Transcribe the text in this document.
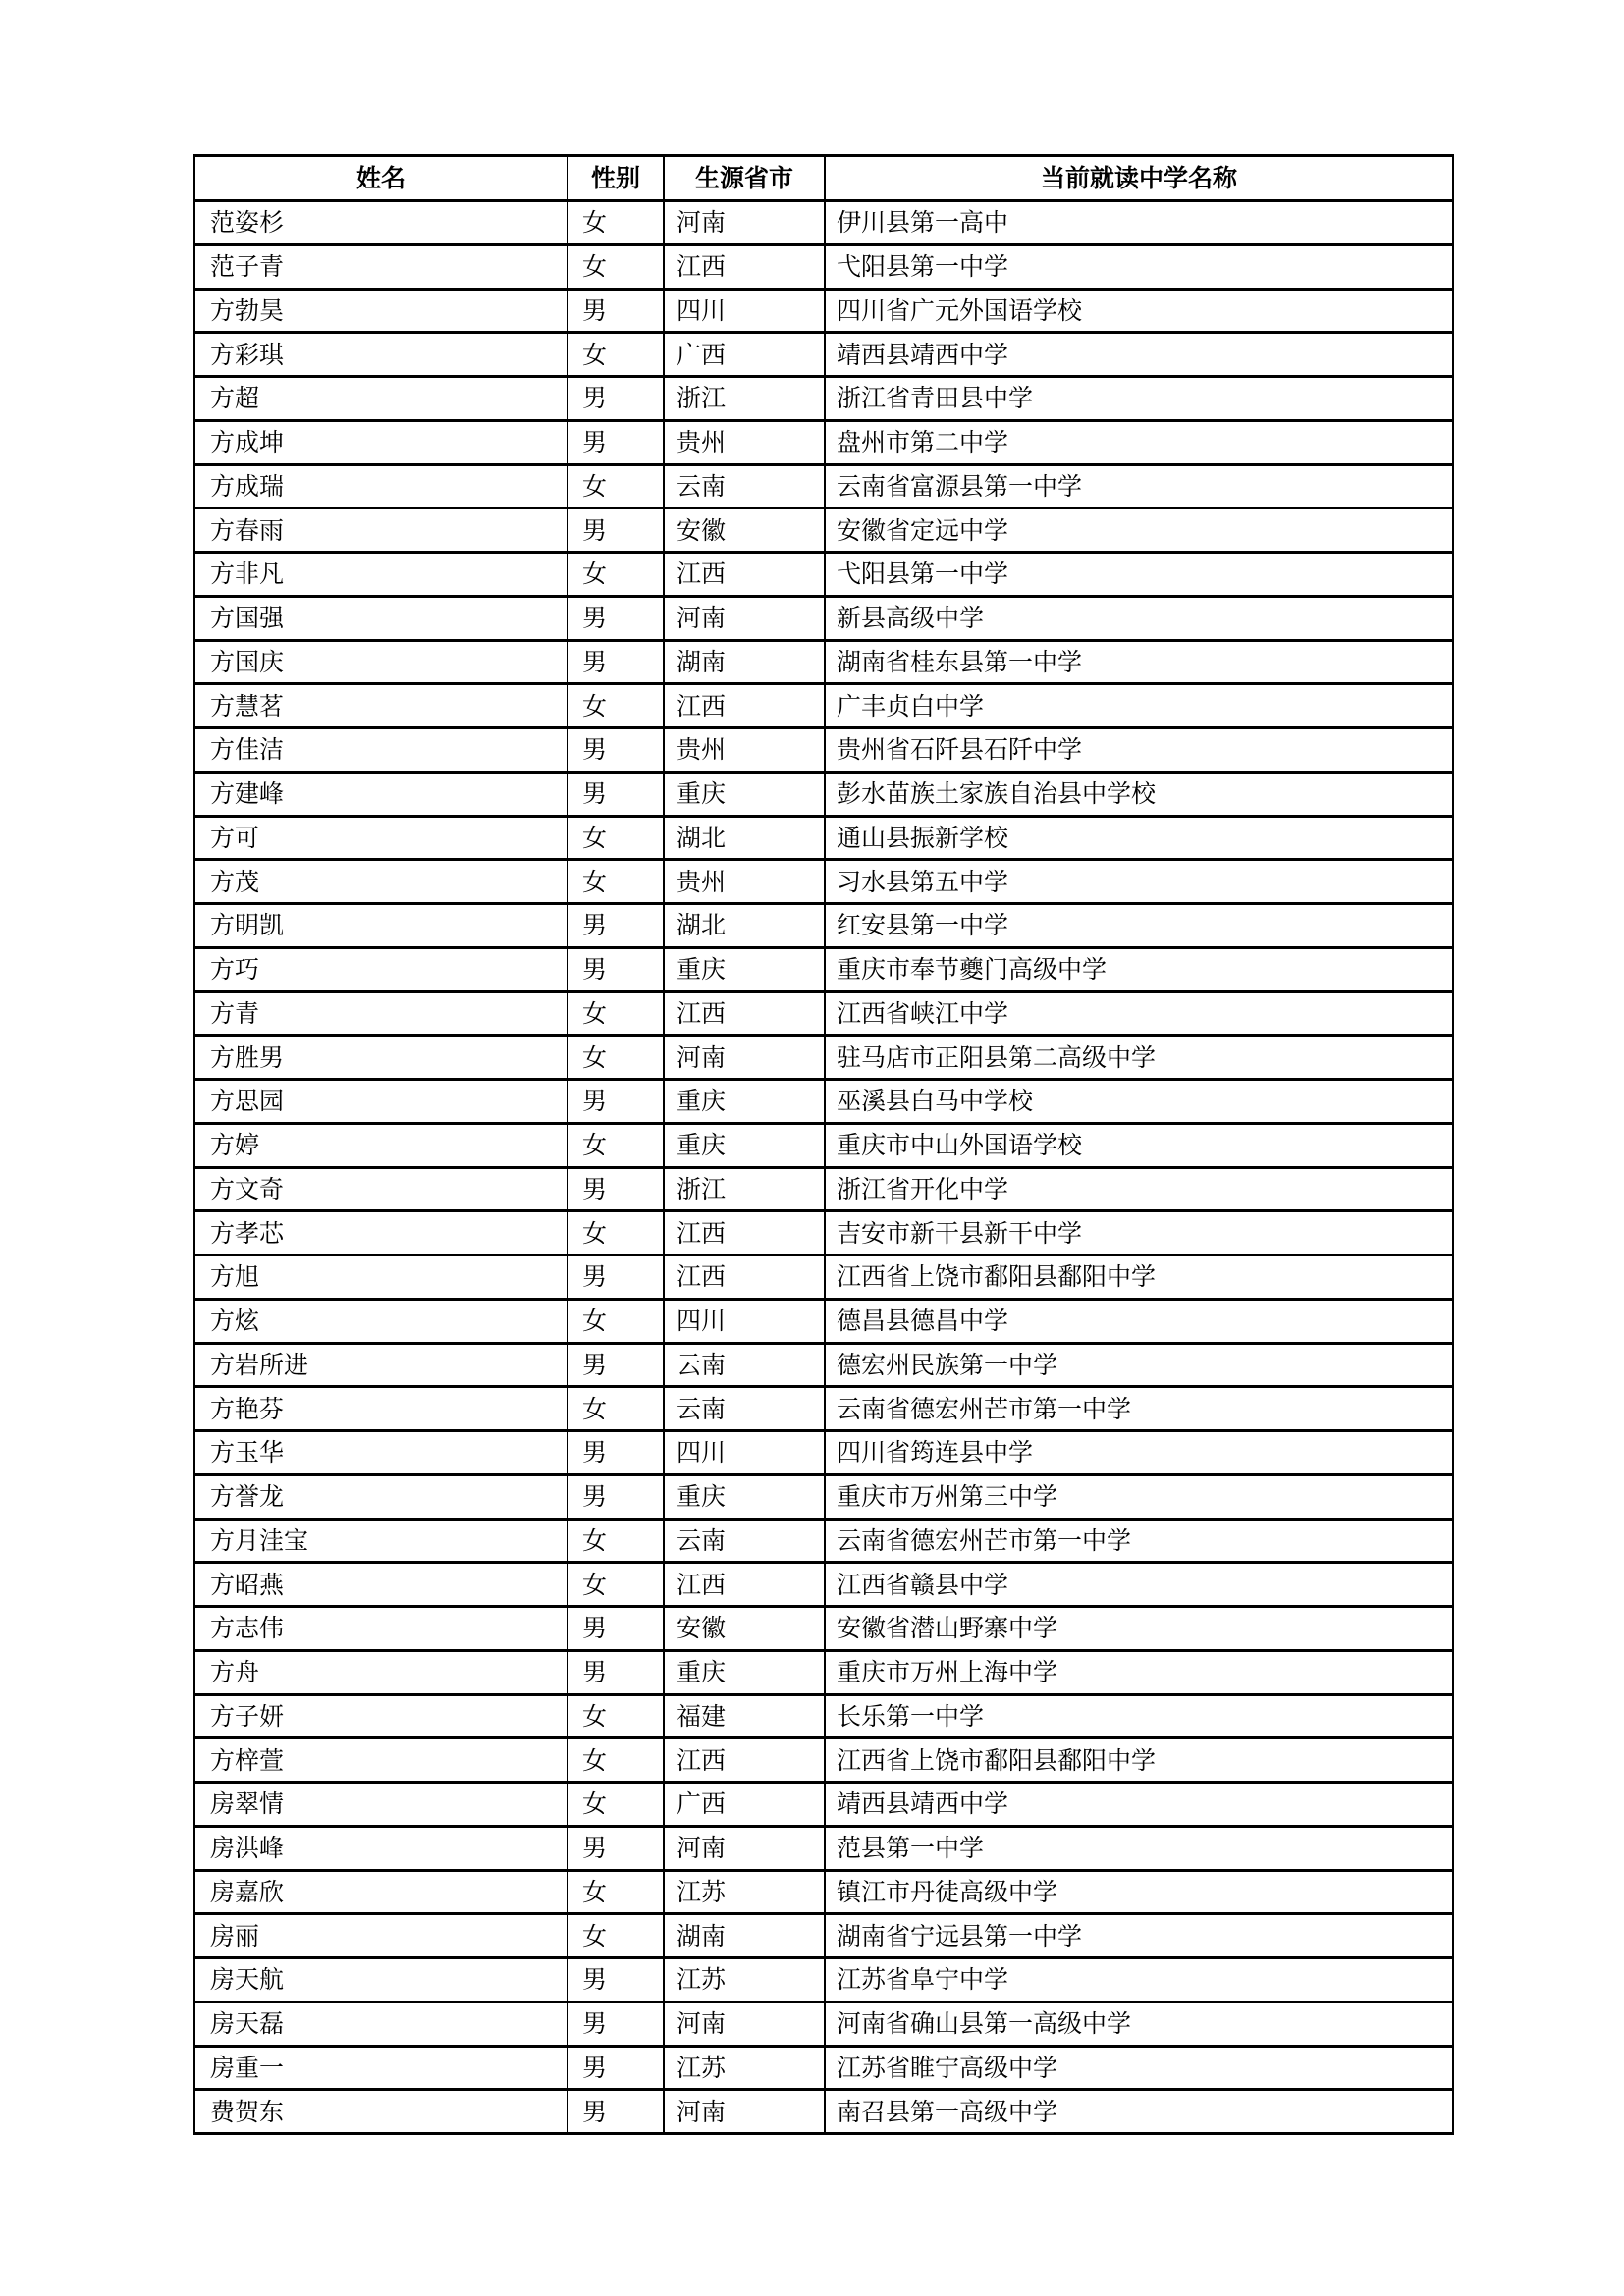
姓名	性别	生源省市	当前就读中学名称
范姿杉	女	河南	伊川县第一高中
范子青	女	江西	弋阳县第一中学
方勃昊	男	四川	四川省广元外国语学校
方彩琪	女	广西	靖西县靖西中学
方超	男	浙江	浙江省青田县中学
方成坤	男	贵州	盘州市第二中学
方成瑞	女	云南	云南省富源县第一中学
方春雨	男	安徽	安徽省定远中学
方非凡	女	江西	弋阳县第一中学
方国强	男	河南	新县高级中学
方国庆	男	湖南	湖南省桂东县第一中学
方慧茗	女	江西	广丰贞白中学
方佳洁	男	贵州	贵州省石阡县石阡中学
方建峰	男	重庆	彭水苗族土家族自治县中学校
方可	女	湖北	通山县振新学校
方茂	女	贵州	习水县第五中学
方明凯	男	湖北	红安县第一中学
方巧	男	重庆	重庆市奉节夔门高级中学
方青	女	江西	江西省峡江中学
方胜男	女	河南	驻马店市正阳县第二高级中学
方思园	男	重庆	巫溪县白马中学校
方婷	女	重庆	重庆市中山外国语学校
方文奇	男	浙江	浙江省开化中学
方孝芯	女	江西	吉安市新干县新干中学
方旭	男	江西	江西省上饶市鄱阳县鄱阳中学
方炫	女	四川	德昌县德昌中学
方岩所进	男	云南	德宏州民族第一中学
方艳芬	女	云南	云南省德宏州芒市第一中学
方玉华	男	四川	四川省筠连县中学
方誉龙	男	重庆	重庆市万州第三中学
方月洼宝	女	云南	云南省德宏州芒市第一中学
方昭燕	女	江西	江西省赣县中学
方志伟	男	安徽	安徽省潜山野寨中学
方舟	男	重庆	重庆市万州上海中学
方子妍	女	福建	长乐第一中学
方梓萱	女	江西	江西省上饶市鄱阳县鄱阳中学
房翠情	女	广西	靖西县靖西中学
房洪峰	男	河南	范县第一中学
房嘉欣	女	江苏	镇江市丹徒高级中学
房丽	女	湖南	湖南省宁远县第一中学
房天航	男	江苏	江苏省阜宁中学
房天磊	男	河南	河南省确山县第一高级中学
房重一	男	江苏	江苏省睢宁高级中学
费贺东	男	河南	南召县第一高级中学
